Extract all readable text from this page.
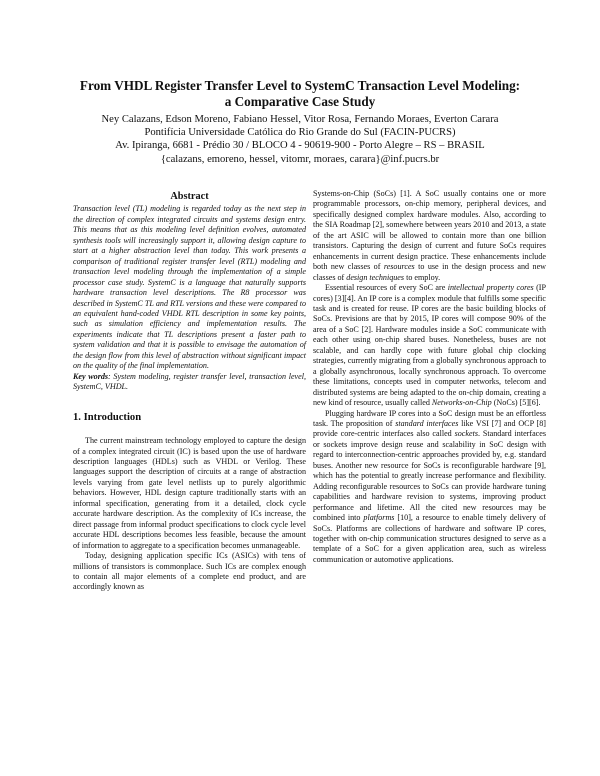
From VHDL Register Transfer Level to SystemC Transaction Level Modeling:
a Comparative Case Study
Ney Calazans, Edson Moreno, Fabiano Hessel, Vitor Rosa, Fernando Moraes, Everton Carara
Pontifícia Universidade Católica do Rio Grande do Sul (FACIN-PUCRS)
Av. Ipiranga, 6681 - Prédio 30 / BLOCO 4 - 90619-900 - Porto Alegre – RS – BRASIL
{calazans, emoreno, hessel, vitomr, moraes, carara}@inf.pucrs.br
Abstract

Transaction level (TL) modeling is regarded today as the next step in the direction of complex integrated circuits and systems design entry. This means that as this modeling level definition evolves, automated synthesis tools will increasingly support it, allowing design capture to start at a higher abstraction level than today. This work presents a comparison of traditional register transfer level (RTL) modeling and transaction level modeling through the implementation of a simple processor case study. SystemC is a language that naturally supports hardware transaction level descriptions. The R8 processor was described in SystemC TL and RTL versions and these were compared to an equivalent hand-coded VHDL RTL description in some key points, such as simulation efficiency and implementation results. The experiments indicate that TL descriptions present a faster path to system validation and that it is possible to envisage the automation of the design flow from this level of abstraction without significant impact on the quality of the final implementation.

Key words: System modeling, register transfer level, transaction level, SystemC, VHDL.

1. Introduction

The current mainstream technology employed to capture the design of a complex integrated circuit (IC) is based upon the use of hardware description languages (HDLs) such as VHDL or Verilog. These languages support the description of circuits at a range of abstraction levels varying from gate level netlists up to purely algorithmic behaviors. However, HDL design capture traditionally starts with an informal specification, generating from it a detailed, clock cycle accurate hardware description. As the complexity of ICs increase, the direct passage from informal product specifications to clock cycle level accurate HDL descriptions becomes less feasible, because the amount of information to aggregate to a specification becomes unmanageable.

Today, designing application specific ICs (ASICs) with tens of millions of transistors is commonplace. Such ICs are complex enough to contain all major elements of a complete end product, and are accordingly known as

Systems-on-Chip (SoCs) [1]. A SoC usually contains one or more programmable processors, on-chip memory, peripheral devices, and specifically designed complex hardware modules. Also, according to the SIA Roadmap [2], somewhere between years 2010 and 2013, a state of the art ASIC will be allowed to contain more than one billion transistors. Capturing the design of current and future SoCs requires enhancements in current design practice. These enhancements include both new classes of resources to use in the design process and new classes of design techniques to employ.

Essential resources of every SoC are intellectual property cores (IP cores) [3][4]. An IP core is a complex module that fulfills some specific task and is created for reuse. IP cores are the basic building blocks of SoCs. Previsions are that by 2015, IP cores will compose 90% of the area of a SoC [2]. Hardware modules inside a SoC communicate with each other using on-chip shared buses. Nonetheless, buses are not scalable, and can hardly cope with future global chip clocking strategies, currently migrating from a globally synchronous approach to a globally asynchronous, locally synchronous approach. To overcome these limitations, concepts used in computer networks, telecom and distributed systems are being adapted to the on-chip domain, creating a new kind of resource, usually called Networks-on-Chip (NoCs) [5][6].

Plugging hardware IP cores into a SoC design must be an effortless task. The proposition of standard interfaces like VSI [7] and OCP [8] provide core-centric interfaces also called sockets. Standard interfaces or sockets improve design reuse and scalability in SoC design with regard to interconnection-centric approaches provided by, e.g. standard buses. Another new resource for SoCs is reconfigurable hardware [9], which has the potential to greatly increase performance and flexibility. Adding reconfigurable resources to SoCs can provide hardware tuning capabilities and hardware revision to systems, improving product performance and lifetime. All the cited new resources may be combined into platforms [10], a resource to enable timely delivery of SoCs. Platforms are collections of hardware and software IP cores, together with on-chip communication structures designed to serve as a template of a SoC for a given application area, such as wireless communication or automotive applications.
